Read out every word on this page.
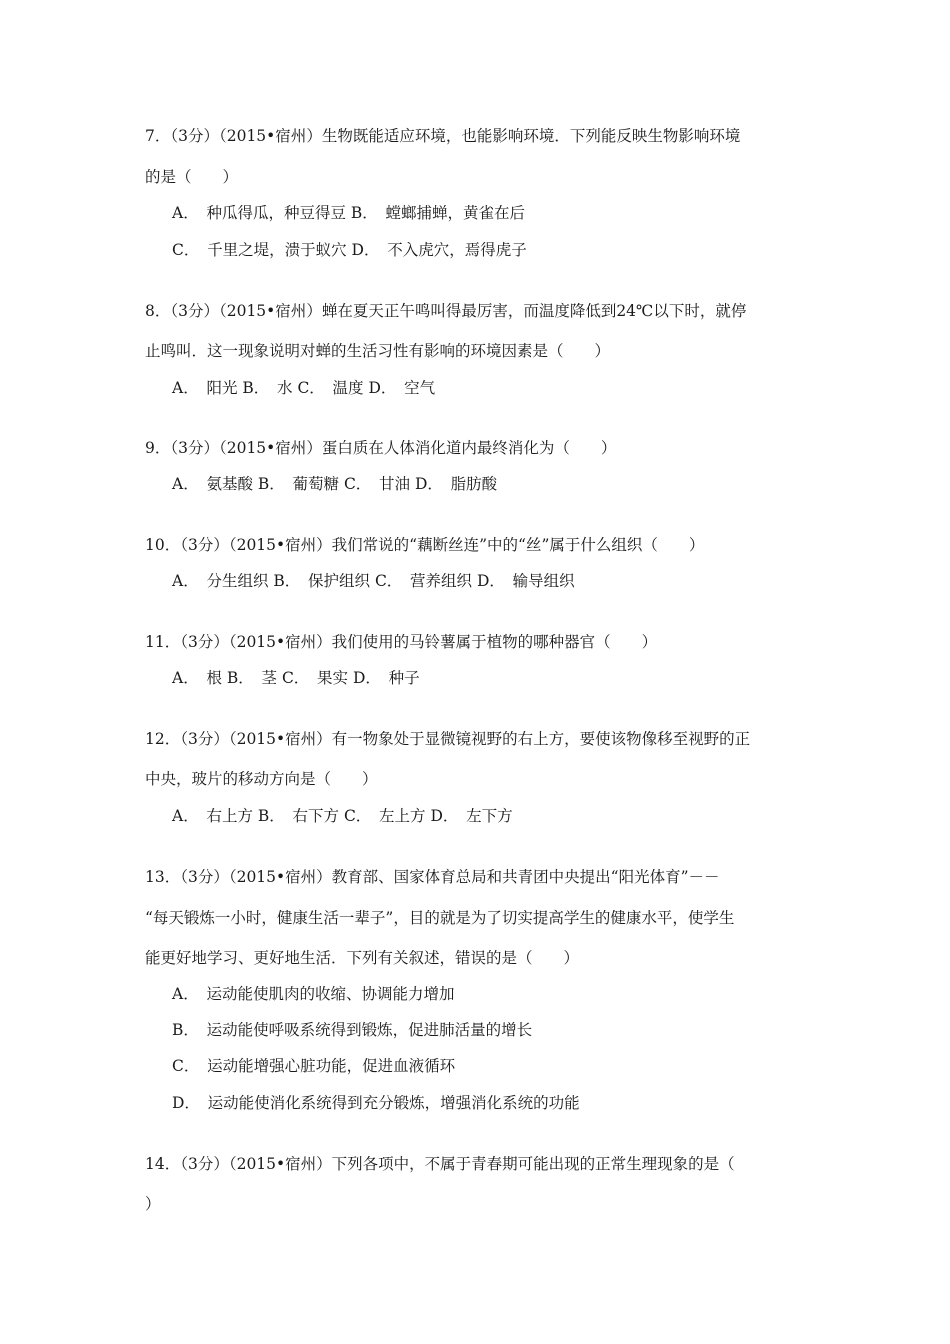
7．（3分）（2015•宿州）生物既能适应环境，也能影响环境．下列能反映生物影响环境
的是（　　）
A．　种瓜得瓜，种豆得豆 B．　螳螂捕蝉，黄雀在后
C．　千里之堤，溃于蚁穴 D．　不入虎穴，焉得虎子
8．（3分）（2015•宿州）蝉在夏天正午鸣叫得最厉害，而温度降低到24℃以下时，就停
止鸣叫．这一现象说明对蝉的生活习性有影响的环境因素是（　　）
A．　阳光 B．　水 C．　温度 D．　空气
9．（3分）（2015•宿州）蛋白质在人体消化道内最终消化为（　　）
A．　氨基酸 B．　葡萄糖 C．　甘油 D．　脂肪酸
10．（3分）（2015•宿州）我们常说的“藕断丝连”中的“丝”属于什么组织（　　）
A．　分生组织 B．　保护组织 C．　营养组织 D．　输导组织
11．（3分）（2015•宿州）我们使用的马铃薯属于植物的哪种器官（　　）
A．　根 B．　茎 C．　果实 D．　种子
12．（3分）（2015•宿州）有一物象处于显微镜视野的右上方，要使该物像移至视野的正
中央，玻片的移动方向是（　　）
A．　右上方 B．　右下方 C．　左上方 D．　左下方
13．（3分）（2015•宿州）教育部、国家体育总局和共青团中央提出“阳光体育”－－
“每天锻炼一小时，健康生活一辈子”，目的就是为了切实提高学生的健康水平，使学生
能更好地学习、更好地生活．下列有关叙述，错误的是（　　）
A．　运动能使肌肉的收缩、协调能力增加
B．　运动能使呼吸系统得到锻炼，促进肺活量的增长
C．　运动能增强心脏功能，促进血液循环
D．　运动能使消化系统得到充分锻炼，增强消化系统的功能
14．（3分）（2015•宿州）下列各项中，不属于青春期可能出现的正常生理现象的是（
）
